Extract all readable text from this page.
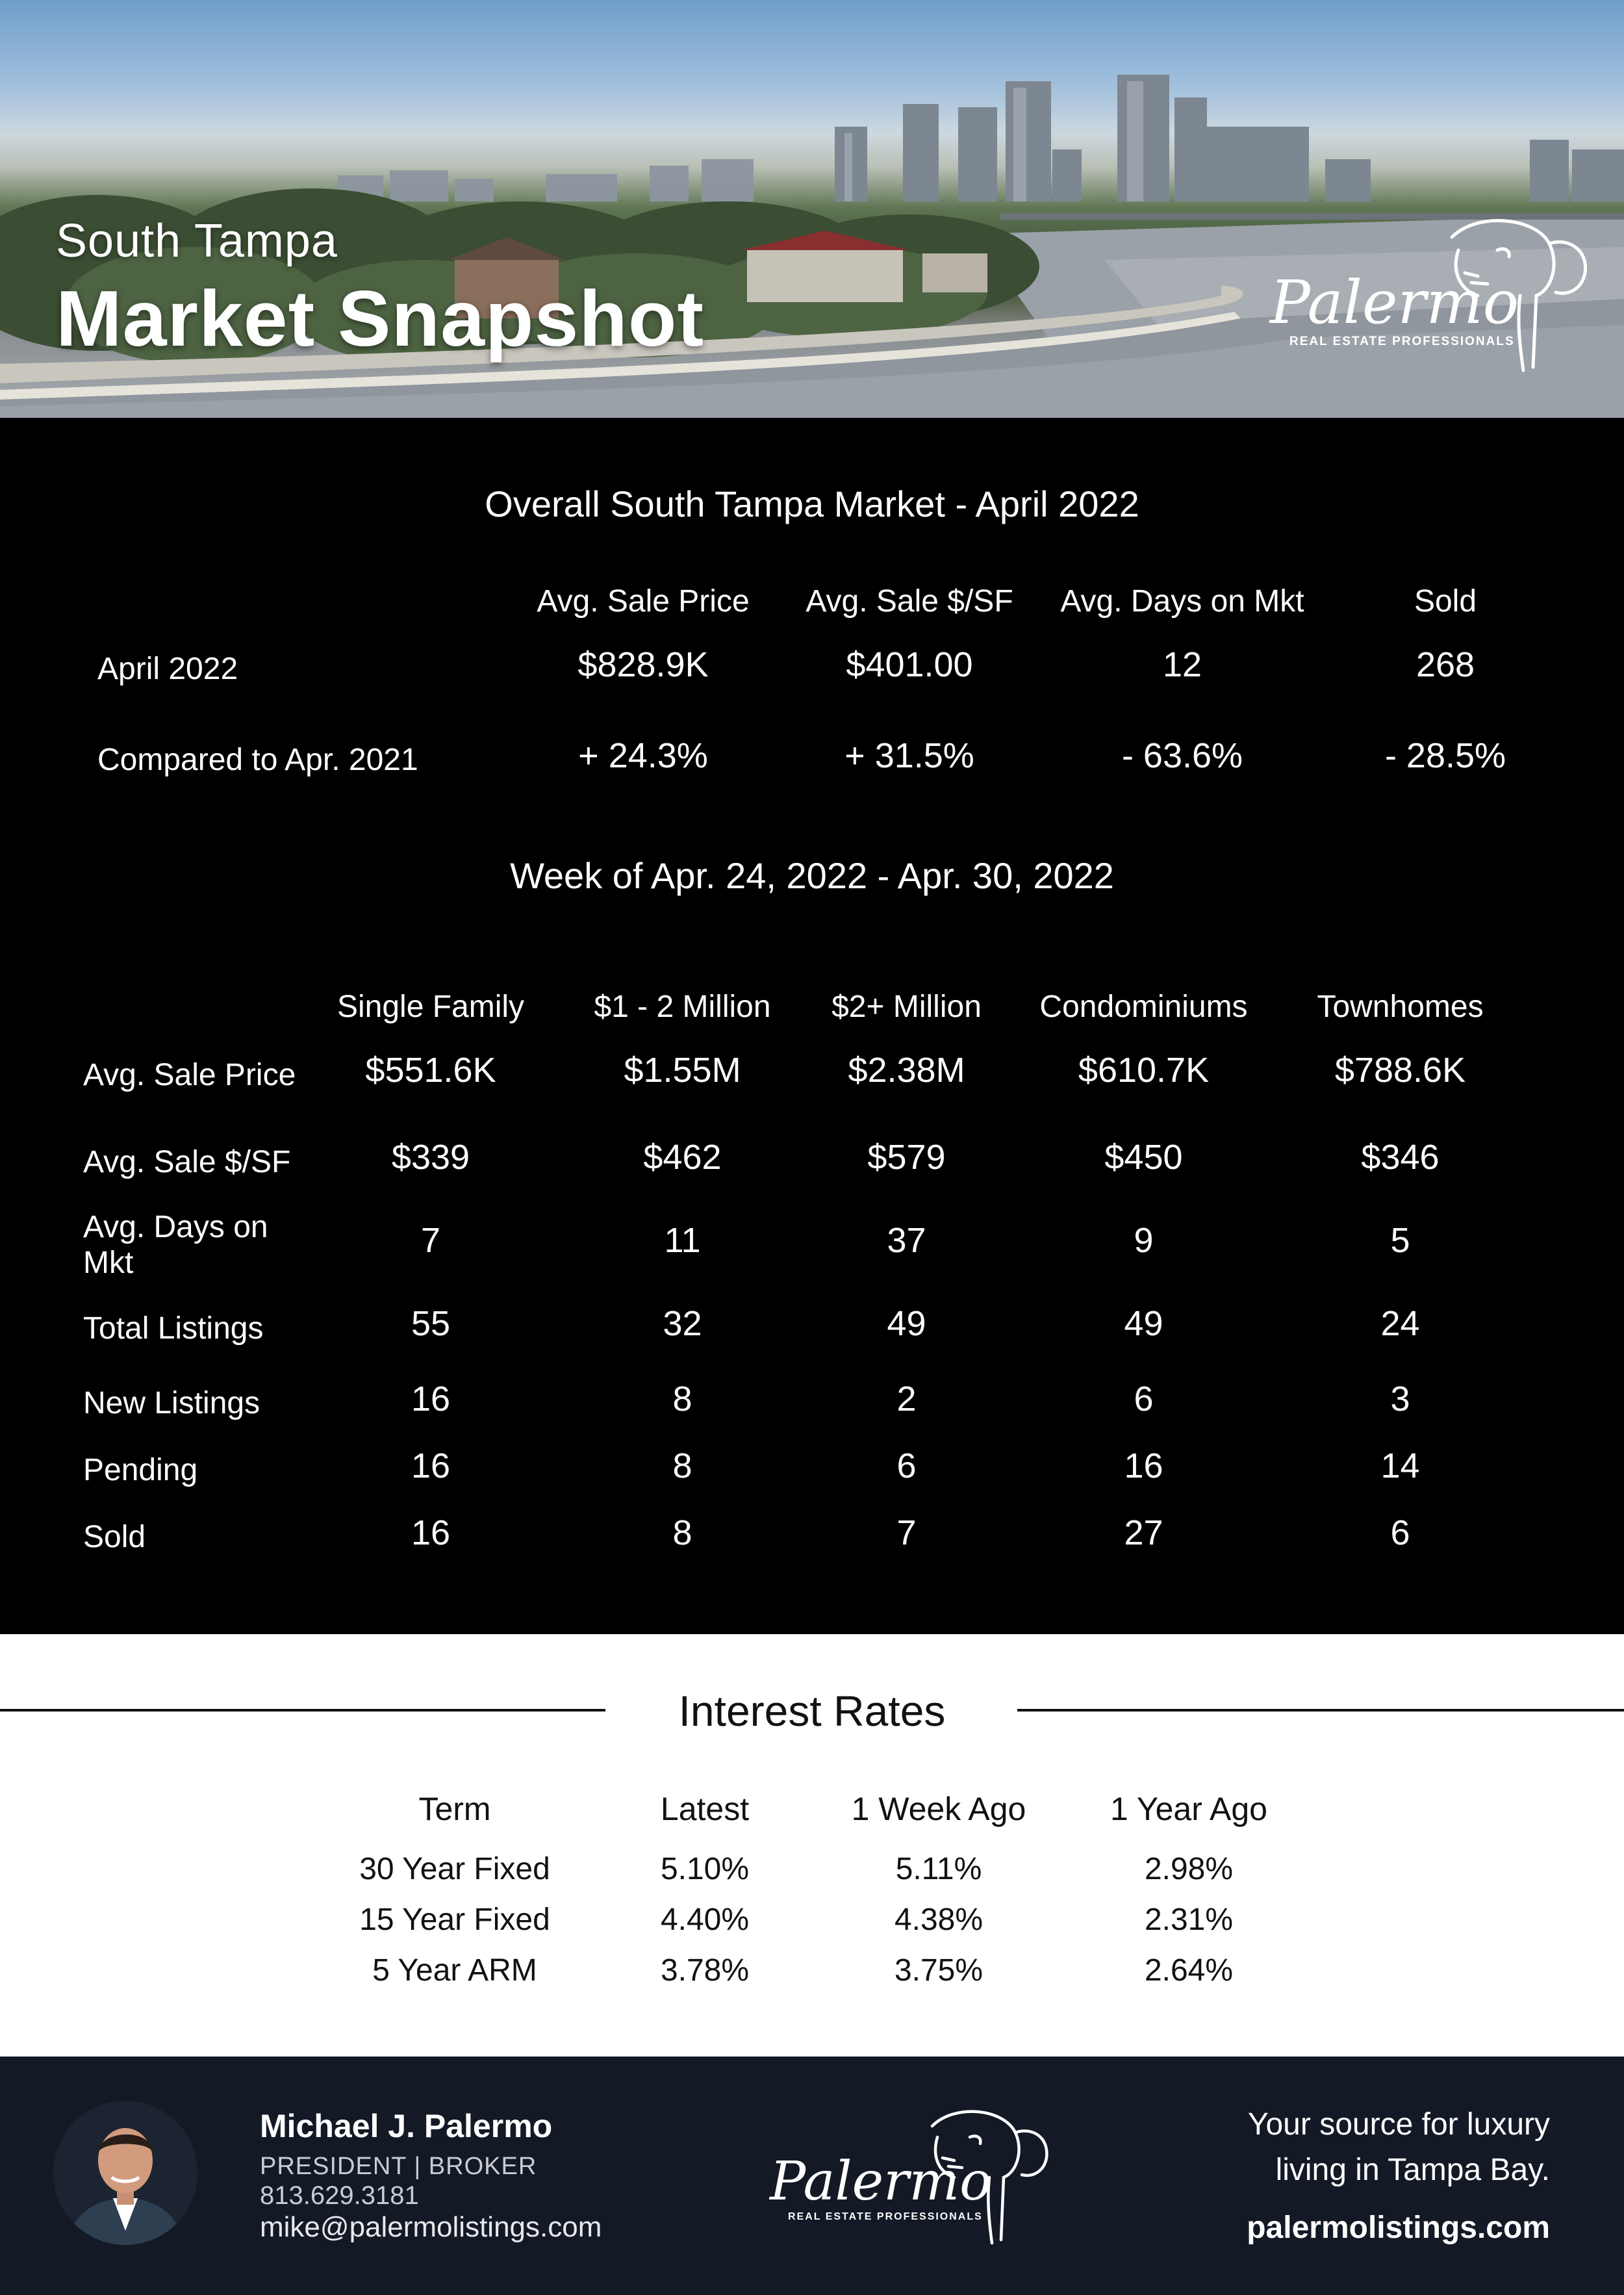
South Tampa
Market Snapshot	Palermo
REAL ESTATE PROFESSIONALS
Overall South Tampa Market - April 2022
	Avg. Sale Price	Avg. Sale $/SF	Avg. Days on Mkt	Sold
April 2022	$828.9K	$401.00	12	268
Compared to Apr. 2021	+ 24.3%	+ 31.5%	- 63.6%	- 28.5%
Week of Apr. 24, 2022 - Apr. 30, 2022
	Single Family	$1 - 2 Million	$2+ Million	Condominiums	Townhomes
Avg. Sale Price	$551.6K	$1.55M	$2.38M	$610.7K	$788.6K
Avg. Sale $/SF	$339	$462	$579	$450	$346
Avg. Days on Mkt	7	11	37	9	5
Total Listings	55	32	49	49	24
New Listings	16	8	2	6	3
Pending	16	8	6	16	14
Sold	16	8	7	27	6
Interest Rates
Term	Latest	1 Week Ago	1 Year Ago
30 Year Fixed	5.10%	5.11%	2.98%
15 Year Fixed	4.40%	4.38%	2.31%
5 Year ARM	3.78%	3.75%	2.64%
Michael J. Palermo
PRESIDENT | BROKER
813.629.3181
mike@palermolistings.com
Palermo
REAL ESTATE PROFESSIONALS
Your source for luxury
living in Tampa Bay.
palermolistings.com
